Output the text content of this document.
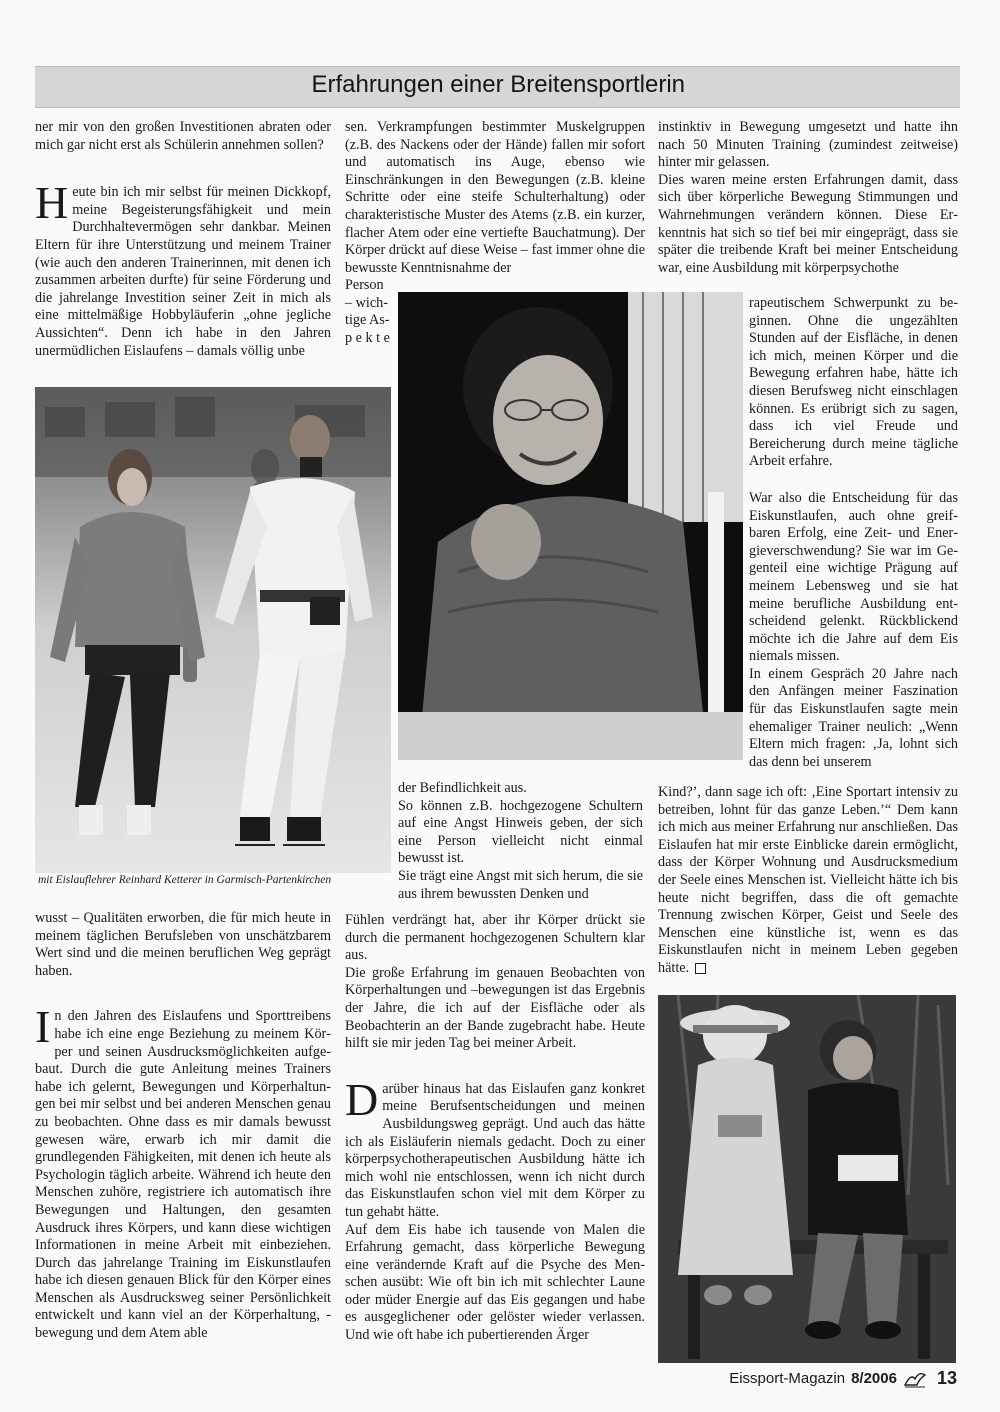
Erfahrungen einer Breitensportlerin

ner mir von den großen Investitionen abraten oder mich gar nicht erst als Schülerin annehmen sollen?

Heute bin ich mir selbst für meinen Dickkopf, meine Begeisterungsfähigkeit und mein Durchhaltevermögen sehr dankbar. Meinen Eltern für ihre Unterstützung und meinem Trainer (wie auch den anderen Trainerinnen, mit denen ich zusammen arbeiten durfte) für seine Förderung und die jahrelange Investition seiner Zeit in mich als eine mittelmäßige Hobbyläuferin „ohne jegliche Aussichten“. Denn ich habe in den Jahren unermüdlichen Eislaufens – damals völlig unbe

mit Eislauflehrer Reinhard Ketterer in Garmisch-Partenkirchen

wusst – Qualitäten erworben, die für mich heute in meinem täglichen Berufsleben von unschätzbarem Wert sind und die meinen beruflichen Weg geprägt haben.

In den Jahren des Eislaufens und Sporttreibens habe ich eine enge Beziehung zu meinem Körper und seinen Ausdrucksmöglichkeiten aufgebaut. Durch die gute Anleitung meines Trainers habe ich gelernt, Bewegungen und Körperhaltungen bei mir selbst und bei anderen Menschen genau zu beobachten. Ohne dass es mir damals bewusst gewesen wäre, erwarb ich mir damit die grundlegenden Fähigkeiten, mit denen ich heute als Psychologin täglich arbeite. Während ich heute den Menschen zuhöre, registriere ich automatisch ihre Bewegungen und Haltungen, den gesamten Ausdruck ihres Körpers, und kann diese wichtigen Informationen in meine Arbeit mit einbeziehen. Durch das jahrelange Training im Eiskunstlaufen habe ich diesen genauen Blick für den Körper eines Menschen als Ausdrucksweg seiner Persönlichkeit entwickelt und kann viel an der Körperhaltung, -bewegung und dem Atem able

sen. Verkrampfungen bestimmter Muskelgruppen (z.B. des Nackens oder der Hände) fallen mir sofort und automatisch ins Auge, ebenso wie Einschränkungen in den Bewegungen (z.B. kleine Schritte oder eine steife Schulterhaltung) oder charakteristische Muster des Atems (z.B. ein kurzer, flacher Atem oder eine vertiefte Bauchatmung). Der Körper drückt auf diese Weise – fast immer ohne die bewusste Kenntnisnahme der

Person
– wich-
tige As-
p e k t e

der Befindlichkeit aus.

So können z.B. hochgezogene Schultern auf eine Angst Hinweis geben, der sich eine Person vielleicht nicht einmal bewusst ist.

Sie trägt eine Angst mit sich herum, die sie aus ihrem bewussten Denken und

Fühlen verdrängt hat, aber ihr Körper drückt sie durch die permanent hochgezogenen Schultern klar aus.

Die große Erfahrung im genauen Beobachten von Körperhaltungen und –bewegungen ist das Ergebnis der Jahre, die ich auf der Eisfläche oder als Beobachterin an der Bande zugebracht habe. Heute hilft sie mir jeden Tag bei meiner Arbeit.

Darüber hinaus hat das Eislaufen ganz konkret meine Berufsentscheidungen und meinen Ausbildungsweg geprägt. Und auch das hätte ich als Eisläuferin niemals gedacht. Doch zu einer körperpsychotherapeutischen Ausbildung hätte ich mich wohl nie entschlossen, wenn ich nicht durch das Eiskunstlaufen schon viel mit dem Körper zu tun gehabt hätte.

Auf dem Eis habe ich tausende von Malen die Erfahrung gemacht, dass körperliche Bewegung eine verändernde Kraft auf die Psyche des Menschen ausübt: Wie oft bin ich mit schlechter Laune oder müder Energie auf das Eis gegangen und habe es ausgeglichener oder gelöster wieder verlassen. Und wie oft habe ich pubertierenden Ärger

instinktiv in Bewegung umgesetzt und hatte ihn nach 50 Minuten Training (zumindest zeitweise) hinter mir gelassen.

Dies waren meine ersten Erfahrungen damit, dass sich über körperliche Bewegung Stimmungen und Wahrnehmungen verändern können. Diese Erkenntnis hat sich so tief bei mir eingeprägt, dass sie später die treibende Kraft bei meiner Entscheidung war, eine Ausbildung mit körperpsychothe

rapeutischem Schwerpunkt zu beginnen. Ohne die ungezählten Stunden auf der Eisfläche, in denen ich mich, meinen Körper und die Bewegung erfahren habe, hätte ich diesen Berufsweg nicht einschlagen können. Es erübrigt sich zu sagen, dass ich viel Freude und Bereicherung durch meine tägliche Arbeit erfahre.

War also die Entscheidung für das Eiskunstlaufen, auch ohne greifbaren Erfolg, eine Zeit- und Energieverschwendung? Sie war im Gegenteil eine wichtige Prägung auf meinem Lebensweg und sie hat meine berufliche Ausbildung entscheidend gelenkt. Rückblickend möchte ich die Jahre auf dem Eis niemals missen.

In einem Gespräch 20 Jahre nach den Anfängen meiner Faszination für das Eiskunstlaufen sagte mein ehemaliger Trainer neulich: „Wenn Eltern mich fragen: ‚Ja, lohnt sich das denn bei unserem

Kind?’, dann sage ich oft: ‚Eine Sportart intensiv zu betreiben, lohnt für das ganze Leben.’“ Dem kann ich mich aus meiner Erfahrung nur anschließen. Das Eislaufen hat mir erste Einblicke darein ermöglicht, dass der Körper Wohnung und Ausdrucksmedium der Seele eines Menschen ist. Vielleicht hätte ich bis heute nicht begriffen, dass die oft gemachte Trennung zwischen Körper, Geist und Seele des Menschen eine künstliche ist, wenn es das Eiskunstlaufen nicht in meinem Leben gegeben hätte.

Eissport-Magazin 8/2006 13
